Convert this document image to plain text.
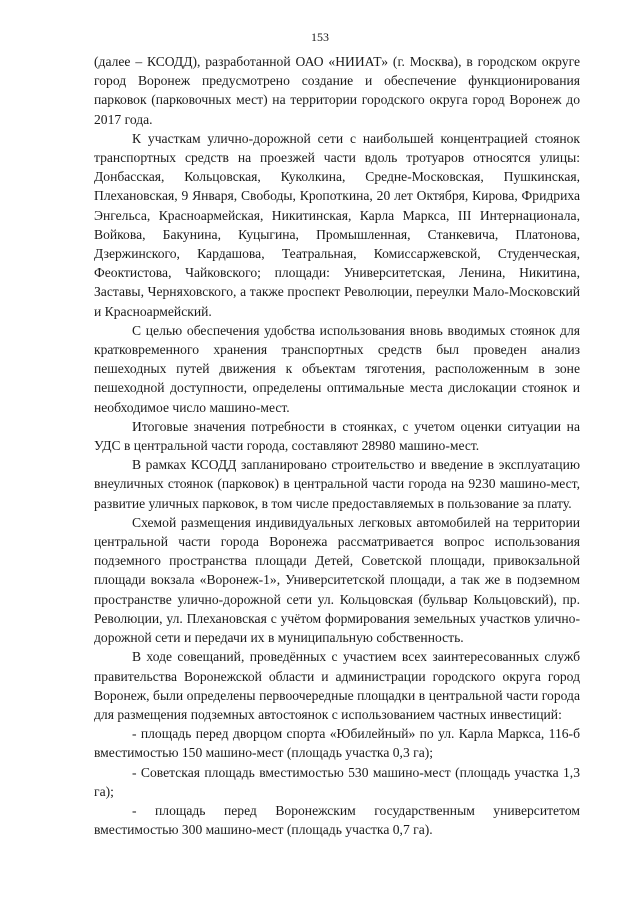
153

(далее – КСОДД), разработанной ОАО «НИИАТ» (г. Москва), в городском округе город Воронеж предусмотрено создание и обеспечение функционирования парковок (парковочных мест) на территории городского округа город Воронеж до 2017 года.

К участкам улично-дорожной сети с наибольшей концентрацией стоянок транспортных средств на проезжей части вдоль тротуаров относятся улицы: Донбасская, Кольцовская, Куколкина, Средне-Московская, Пушкинская, Плехановская, 9 Января, Свободы, Кропоткина, 20 лет Октября, Кирова, Фридриха Энгельса, Красноармейская, Никитинская, Карла Маркса, III Интернационала, Войкова, Бакунина, Куцыгина, Промышленная, Станкевича, Платонова, Дзержинского, Кардашова, Театральная, Комиссаржевской, Студенческая, Феоктистова, Чайковского; площади: Университетская, Ленина, Никитина, Заставы, Черняховского, а также проспект Революции, переулки Мало-Московский и Красноармейский.

С целью обеспечения удобства использования вновь вводимых стоянок для кратковременного хранения транспортных средств был проведен анализ пешеходных путей движения к объектам тяготения, расположенным в зоне пешеходной доступности, определены оптимальные места дислокации стоянок и необходимое число машино-мест.

Итоговые значения потребности в стоянках, с учетом оценки ситуации на УДС в центральной части города, составляют 28980 машино-мест.

В рамках КСОДД запланировано строительство и введение в эксплуатацию внеуличных стоянок (парковок) в центральной части города на 9230 машино-мест, развитие уличных парковок, в том числе предоставляемых в пользование за плату.

Схемой размещения индивидуальных легковых автомобилей на территории центральной части города Воронежа рассматривается вопрос использования подземного пространства площади Детей, Советской площади, привокзальной площади вокзала «Воронеж-1», Университетской площади, а так же в подземном пространстве улично-дорожной сети ул. Кольцовская (бульвар Кольцовский), пр. Революции, ул. Плехановская с учётом формирования земельных участков улично-дорожной сети и передачи их в муниципальную собственность.

В ходе совещаний, проведённых с участием всех заинтересованных служб правительства Воронежской области и администрации городского округа город Воронеж, были определены первоочередные площадки в центральной части города для размещения подземных автостоянок с использованием частных инвестиций:

- площадь перед дворцом спорта «Юбилейный» по ул. Карла Маркса, 116-б вместимостью 150 машино-мест (площадь участка 0,3 га);

- Советская площадь вместимостью 530 машино-мест (площадь участка 1,3 га);

- площадь перед Воронежским государственным университетом вместимостью 300 машино-мест (площадь участка 0,7 га).
